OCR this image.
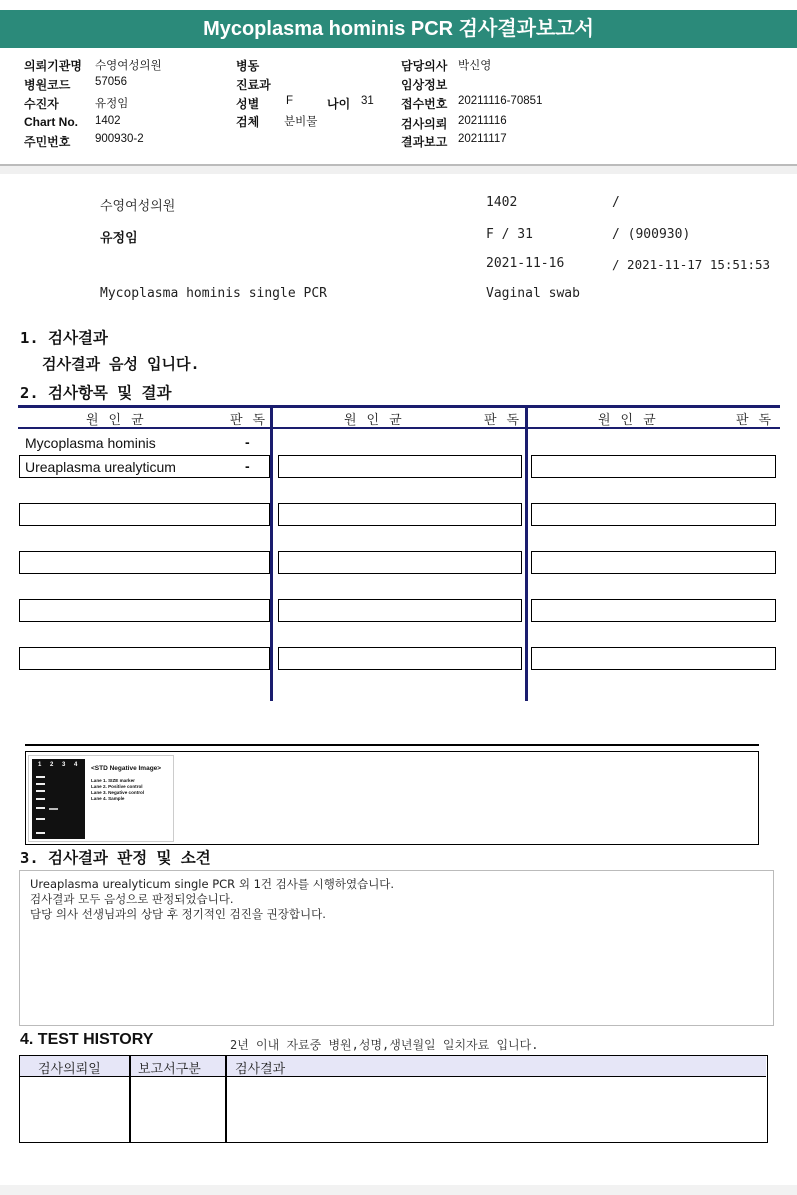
Mycoplasma hominis PCR 검사결과보고서
의뢰기관명 수영여성의원
병원코드 57056
수진자	유정임
Chart No. 1402
주민번호 900930-2
병동
진료과
성별 F	나이 31
검체 분비물
담당의사 박신영
임상정보
접수번호 20211116-70851
검사의뢰 20211116
결과보고 20211117
수영여성의원
유정임
Mycoplasma hominis single PCR
1402	/
F / 31	/ (900930)
2021-11-16	/ 2021-11-17 15:51:53
Vaginal swab
1. 검사결과
검사결과 음성 입니다.
2. 검사항목 및 결과
원인균	판독	원인균	판독	원인균	판독
Mycoplasma hominis	-
Ureaplasma urealyticum	-
1 2 3 4 <STD Negative Image>
Lane 1. SIZE marker
Lane 2. Positive control
Lane 3. Negative control
Lane 4. Sample
3. 검사결과 판정 및 소견
Ureaplasma urealyticum single PCR 외 1건 검사를 시행하였습니다.
검사결과 모두 음성으로 판정되었습니다.
담당 의사 선생님과의 상담 후 정기적인 검진을 권장합니다.
4. TEST HISTORY	2년 이내 자료중 병원,성명,생년월일 일치자료 입니다.
검사의뢰일	보고서구분	검사결과
